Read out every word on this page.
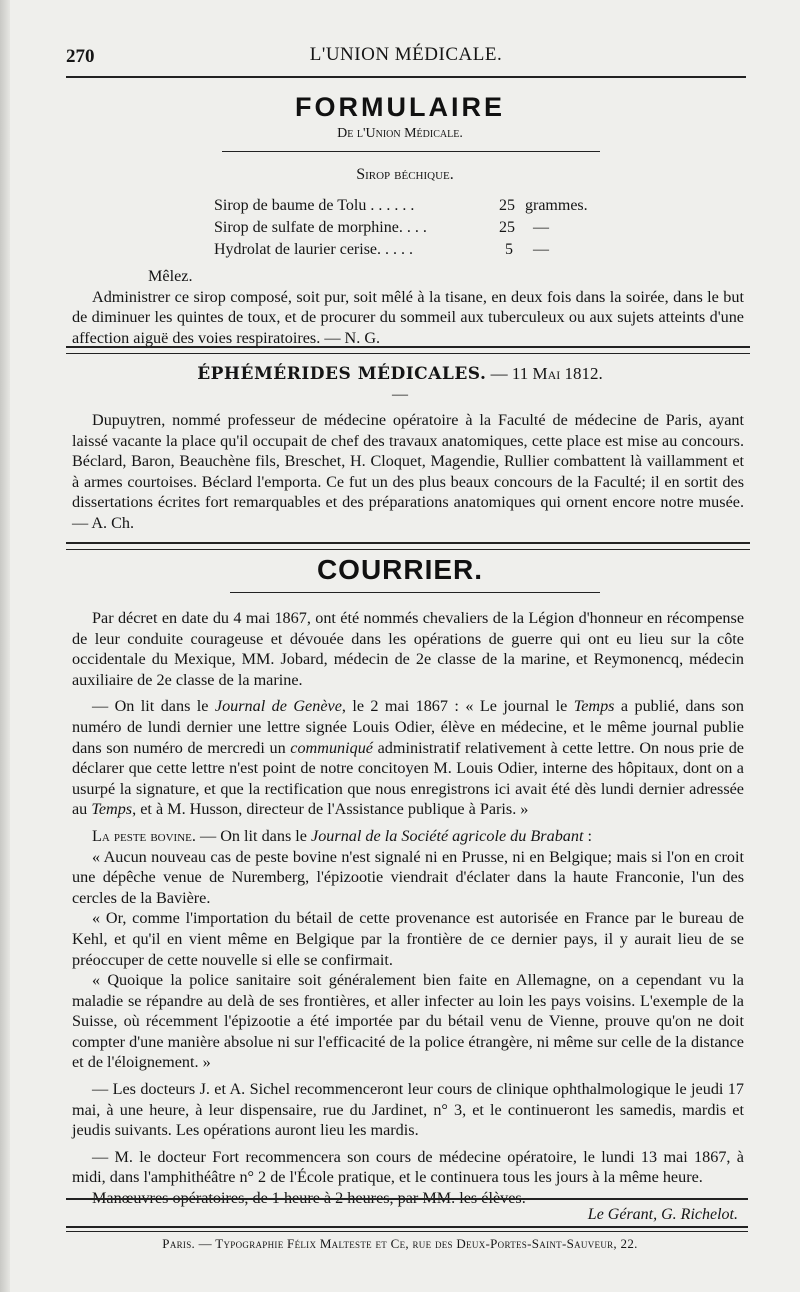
270	L'UNION MÉDICALE.
FORMULAIRE
De l'Union Médicale.
Sirop béchique.
Sirop de baume de Tolu . . . . . .	25 grammes.
Sirop de sulfate de morphine. . . .	25	—
Hydrolat de laurier cerise. . . . .	5	—

Mêlez.

Administrer ce sirop composé, soit pur, soit mêlé à la tisane, en deux fois dans la soirée, dans le but de diminuer les quintes de toux, et de procurer du sommeil aux tuberculeux ou aux sujets atteints d'une affection aiguë des voies respiratoires. — N. G.

ÉPHÉMÉRIDES MÉDICALES. — 11 Mai 1812.
—

Dupuytren, nommé professeur de médecine opératoire à la Faculté de médecine de Paris, ayant laissé vacante la place qu'il occupait de chef des travaux anatomiques, cette place est mise au concours. Béclard, Baron, Beauchène fils, Breschet, H. Cloquet, Magendie, Rullier combattent là vaillamment et à armes courtoises. Béclard l'emporta. Ce fut un des plus beaux concours de la Faculté; il en sortit des dissertations écrites fort remarquables et des préparations anatomiques qui ornent encore notre musée. — A. Ch.

COURRIER.

Par décret en date du 4 mai 1867, ont été nommés chevaliers de la Légion d'honneur en récompense de leur conduite courageuse et dévouée dans les opérations de guerre qui ont eu lieu sur la côte occidentale du Mexique, MM. Jobard, médecin de 2e classe de la marine, et Reymonencq, médecin auxiliaire de 2e classe de la marine.

— On lit dans le Journal de Genève, le 2 mai 1867 : « Le journal le Temps a publié, dans son numéro de lundi dernier une lettre signée Louis Odier, élève en médecine, et le même journal publie dans son numéro de mercredi un communiqué administratif relativement à cette lettre. On nous prie de déclarer que cette lettre n'est point de notre concitoyen M. Louis Odier, interne des hôpitaux, dont on a usurpé la signature, et que la rectification que nous enregistrons ici avait été dès lundi dernier adressée au Temps, et à M. Husson, directeur de l'Assistance publique à Paris. »

La peste bovine. — On lit dans le Journal de la Société agricole du Brabant :

« Aucun nouveau cas de peste bovine n'est signalé ni en Prusse, ni en Belgique; mais si l'on en croit une dépêche venue de Nuremberg, l'épizootie viendrait d'éclater dans la haute Franconie, l'un des cercles de la Bavière.

« Or, comme l'importation du bétail de cette provenance est autorisée en France par le bureau de Kehl, et qu'il en vient même en Belgique par la frontière de ce dernier pays, il y aurait lieu de se préoccuper de cette nouvelle si elle se confirmait.

« Quoique la police sanitaire soit généralement bien faite en Allemagne, on a cependant vu la maladie se répandre au delà de ses frontières, et aller infecter au loin les pays voisins. L'exemple de la Suisse, où récemment l'épizootie a été importée par du bétail venu de Vienne, prouve qu'on ne doit compter d'une manière absolue ni sur l'efficacité de la police étrangère, ni même sur celle de la distance et de l'éloignement. »

— Les docteurs J. et A. Sichel recommenceront leur cours de clinique ophthalmologique le jeudi 17 mai, à une heure, à leur dispensaire, rue du Jardinet, n° 3, et le continueront les samedis, mardis et jeudis suivants. Les opérations auront lieu les mardis.

— M. le docteur Fort recommencera son cours de médecine opératoire, le lundi 13 mai 1867, à midi, dans l'amphithéâtre n° 2 de l'École pratique, et le continuera tous les jours à la même heure.

Manœuvres opératoires, de 1 heure à 2 heures, par MM. les élèves.

Le Gérant, G. Richelot.
Paris. — Typographie Félix Malteste et Ce, rue des Deux-Portes-Saint-Sauveur, 22.
